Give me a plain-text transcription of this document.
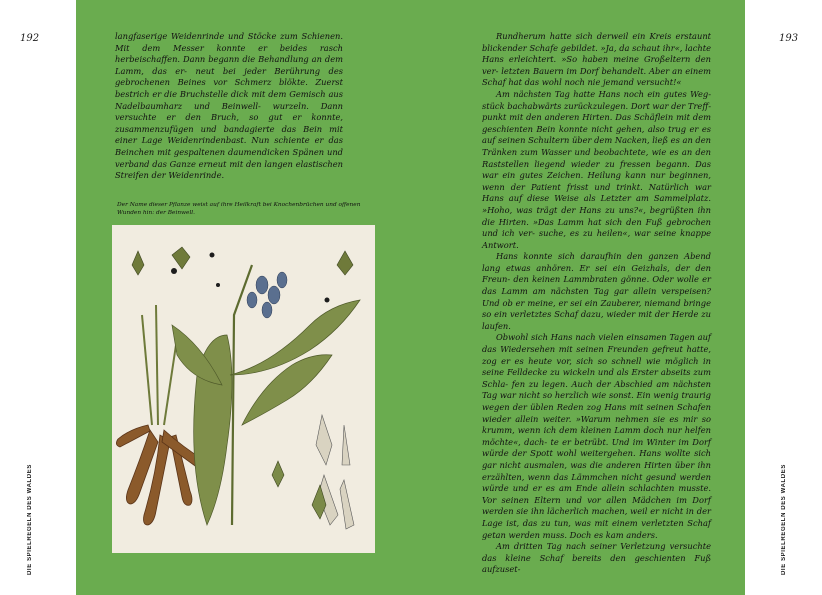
192	193
DIE SPIELREGELN DES WALDES	DIE SPIELREGELN DES WALDES

langfaserige Weidenrinde und Stöcke zum Schienen. Mit dem Messer konnte er beides rasch herbeischaffen. Dann begann die Behandlung an dem Lamm, das er- neut bei jeder Berührung des gebrochenen Beines vor Schmerz blökte. Zuerst bestrich er die Bruchstelle dick mit dem Gemisch aus Nadelbaumharz und Beinwell- wurzeln. Dann versuchte er den Bruch, so gut er konnte, zusammenzufügen und bandagierte das Bein mit einer Lage Weidenrindenbast. Nun schiente er das Beinchen mit gespaltenen daumendicken Spänen und verband das Ganze erneut mit den langen elastischen Streifen der Weidenrinde.

Der Name dieser Pflanze weist auf ihre Heilkraft bei Knochenbrüchen und offenen Wunden hin: der Beinwell.

Rundherum hatte sich derweil ein Kreis erstaunt blickender Schafe gebildet. »Ja, da schaut ihr«, lachte Hans erleichtert. »So haben meine Großeltern den ver- letzten Bauern im Dorf behandelt. Aber an einem Schaf hat das wohl noch nie jemand versucht!«

Am nächsten Tag hatte Hans noch ein gutes Weg- stück bachabwärts zurückzulegen. Dort war der Treff- punkt mit den anderen Hirten. Das Schäflein mit dem geschienten Bein konnte nicht gehen, also trug er es auf seinen Schultern über dem Nacken, ließ es an den Tränken zum Wasser und beobachtete, wie es an den Raststellen liegend wieder zu fressen begann. Das war ein gutes Zeichen. Heilung kann nur beginnen, wenn der Patient frisst und trinkt. Natürlich war Hans auf diese Weise als Letzter am Sammelplatz. »Hoho, was trägt der Hans zu uns?«, begrüßten ihn die Hirten. »Das Lamm hat sich den Fuß gebrochen und ich ver- suche, es zu heilen«, war seine knappe Antwort.

Hans konnte sich daraufhin den ganzen Abend lang etwas anhören. Er sei ein Geizhals, der den Freun- den keinen Lammbraten gönne. Oder wolle er das Lamm am nächsten Tag gar allein verspeisen? Und ob er meine, er sei ein Zauberer, niemand bringe so ein verletztes Schaf dazu, wieder mit der Herde zu laufen.

Obwohl sich Hans nach vielen einsamen Tagen auf das Wiedersehen mit seinen Freunden gefreut hatte, zog er es heute vor, sich so schnell wie möglich in seine Felldecke zu wickeln und als Erster abseits zum Schla- fen zu legen. Auch der Abschied am nächsten Tag war nicht so herzlich wie sonst. Ein wenig traurig wegen der üblen Reden zog Hans mit seinen Schafen wieder allein weiter. »Warum nehmen sie es mir so krumm, wenn ich dem kleinen Lamm doch nur helfen möchte«, dach- te er betrübt. Und im Winter im Dorf würde der Spott wohl weitergehen. Hans wollte sich gar nicht ausmalen, was die anderen Hirten über ihn erzählten, wenn das Lämmchen nicht gesund werden würde und er es am Ende allein schlachten musste. Vor seinen Eltern und vor allen Mädchen im Dorf werden sie ihn lächerlich machen, weil er nicht in der Lage ist, das zu tun, was mit einem verletzten Schaf getan werden muss. Doch es kam anders.

Am dritten Tag nach seiner Verletzung versuchte das kleine Schaf bereits den geschienten Fuß aufzuset-
